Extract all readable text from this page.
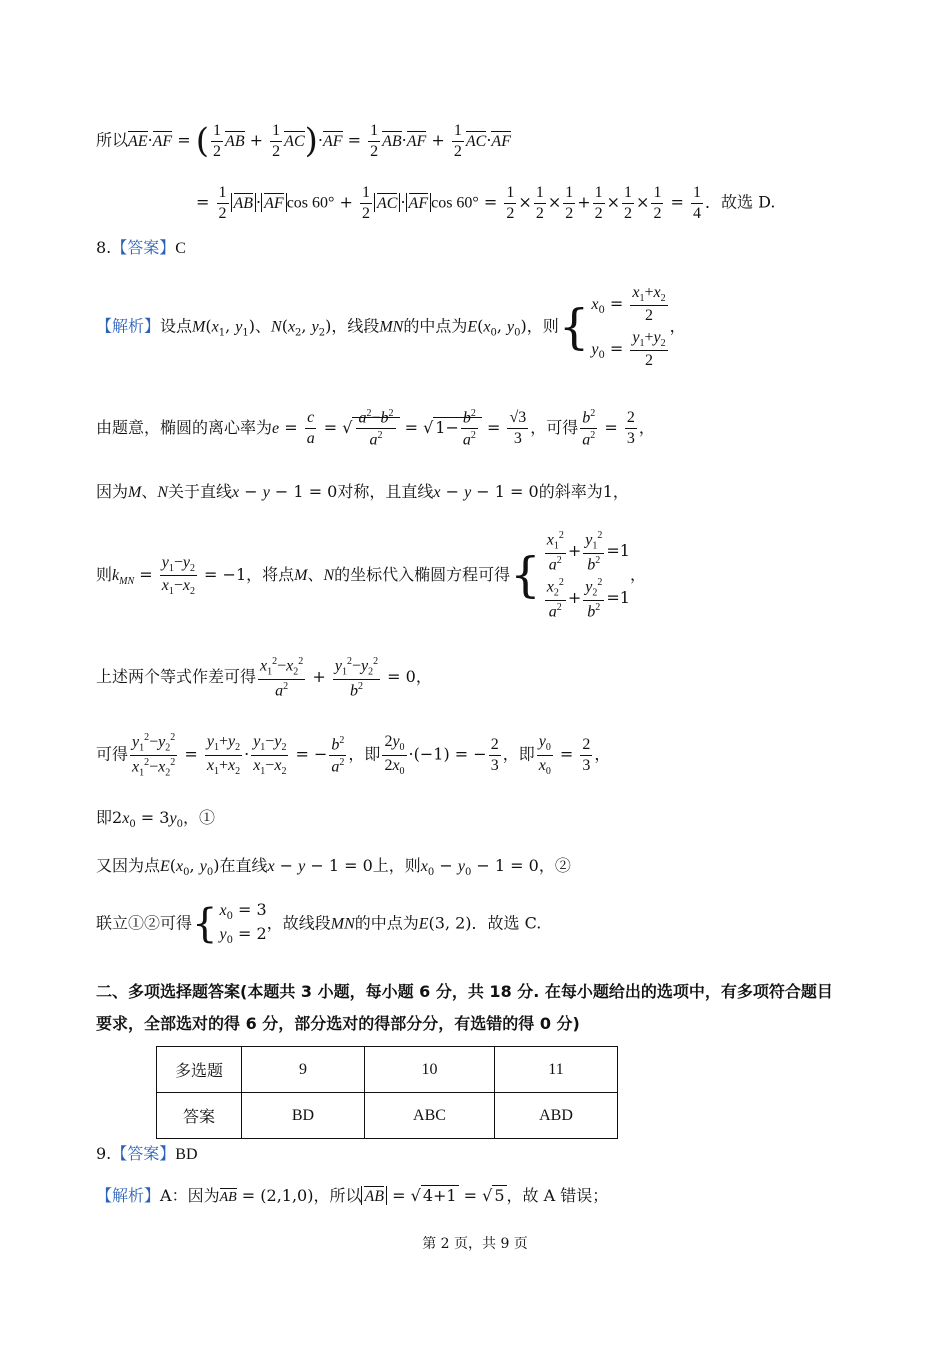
所以AE·AF = ( $\frac{1}{2}$ AB + $\frac{1}{2} AC)\cdot AF = \frac{1}{2} AB\cdot AF + \frac{1}{2} AC\cdot AF$
= $\frac{1}{2}$ AB · AF $\cos 60^\circ + \frac{1}{2}$ AC · AF $\cos 60^\circ = \frac{1}{2} \times \frac{1}{2} \times \frac{1}{2} + \frac{1}{2} \times \frac{1}{2} \times \frac{1}{2} = \frac{1}{4}$ ．故选 D.
8.【答案】C
【解析】设点$M(x_1$, $y_1$)、$N(x_2$, $y_2$)，线段MN的中点为$E(x_0$, $y_0$)，则 { $x_0 = \frac{x_1+x_2}{2}$
$y_0 = \frac{y_1+y_2}{2}$
，
由题意，椭圆的离心率为$e = \frac{c}{a}$ = √ $\frac{a^2-b^2}{a^2}$ = √ $1- \frac{b^2}{a^2} = \frac{√3}{3}$ ，可得 $\frac{b^2}{a^2} = \frac{2}{3}$ ，
因为M、N关于直线x − y − 1 = 0对称，且直线x − y − 1 = 0的斜率为1，
则$k_{MN} = \frac{y_1-y_2}{x_1-x_2} = -1$，将点M、N的坐标代入椭圆方程可得 { $\frac{x_1^2}{a^2} + \frac{y_1^2}{b^2} =1$
$\frac{x_2^2}{a^2} + \frac{y_2^2}{b^2} =1$
，
上述两个等式作差可得 $\frac{x_1^2-x_2^2}{a^2} + \frac{y_1^2-y_2^2}{b^2} = 0$，
可得 $\frac{y_1^2-y_2^2}{x_1^2-x_2^2} = \frac{y_1+y_2}{x_1+x_2} \cdot \frac{y_1-y_2}{x_1-x_2}$ = − $\frac{b^2}{a^2}$ ，即 $\frac{2y_0}{2x_0} \cdot(-1)$ = − $\frac{2}{3}$ ，即 $\frac{y_0}{x_0} = \frac{2}{3}$ ，
即$2x_0 = 3y_0$，①
又因为点$E(x_0$, $y_0$)在直线x − y − 1 = 0上，则$x_0 - y_0 - 1 = 0$，②
联立①②可得 { $x_0 = 3$
$y_0 = 2$
，故线段MN的中点为E(3, 2)．故选 C.
二、多项选择题答案(本题共 3 小题，每小题 6 分，共 18 分. 在每小题给出的选项中，有多项符合题目
要求，全部选对的得 6 分，部分选对的得部分分，有选错的得 0 分)
多选题	9	10	11
答案	BD	ABC	ABD
9.【答案】BD
【解析】A：因为AB = (2,1,0)，所以 AB = √ 4+1 = √ 5 ，故 A 错误；
第 2 页，共 9 页
